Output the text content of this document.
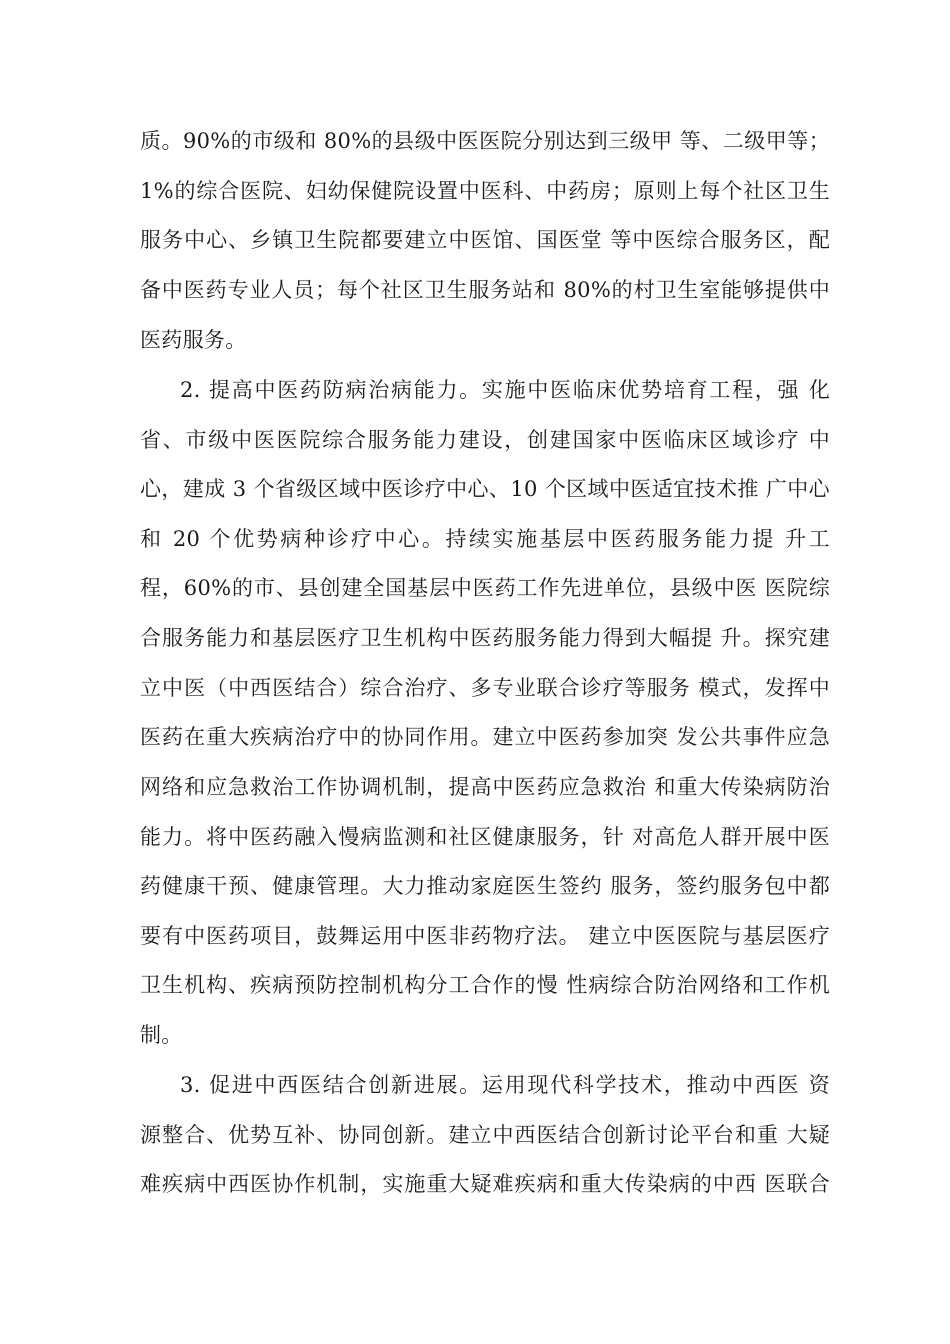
质。90%的市级和 80%的县级中医医院分别达到三级甲 等、二级甲等；
1%的综合医院、妇幼保健院设置中医科、中药房；原则上每个社区卫生
服务中心、乡镇卫生院都要建立中医馆、国医堂 等中医综合服务区，配
备中医药专业人员；每个社区卫生服务站和 80%的村卫生室能够提供中
医药服务。
2. 提高中医药防病治病能力。实施中医临床优势培育工程，强 化
省、市级中医医院综合服务能力建设，创建国家中医临床区域诊疗 中
心，建成 3 个省级区域中医诊疗中心、10 个区域中医适宜技术推 广中心
和 20 个优势病种诊疗中心。持续实施基层中医药服务能力提 升工
程，60%的市、县创建全国基层中医药工作先进单位，县级中医 医院综
合服务能力和基层医疗卫生机构中医药服务能力得到大幅提 升。探究建
立中医（中西医结合）综合治疗、多专业联合诊疗等服务 模式，发挥中
医药在重大疾病治疗中的协同作用。建立中医药参加突 发公共事件应急
网络和应急救治工作协调机制，提高中医药应急救治 和重大传染病防治
能力。将中医药融入慢病监测和社区健康服务，针 对高危人群开展中医
药健康干预、健康管理。大力推动家庭医生签约 服务，签约服务包中都
要有中医药项目，鼓舞运用中医非药物疗法。 建立中医医院与基层医疗
卫生机构、疾病预防控制机构分工合作的慢 性病综合防治网络和工作机
制。
3. 促进中西医结合创新进展。运用现代科学技术，推动中西医 资
源整合、优势互补、协同创新。建立中西医结合创新讨论平台和重 大疑
难疾病中西医协作机制，实施重大疑难疾病和重大传染病的中西 医联合
